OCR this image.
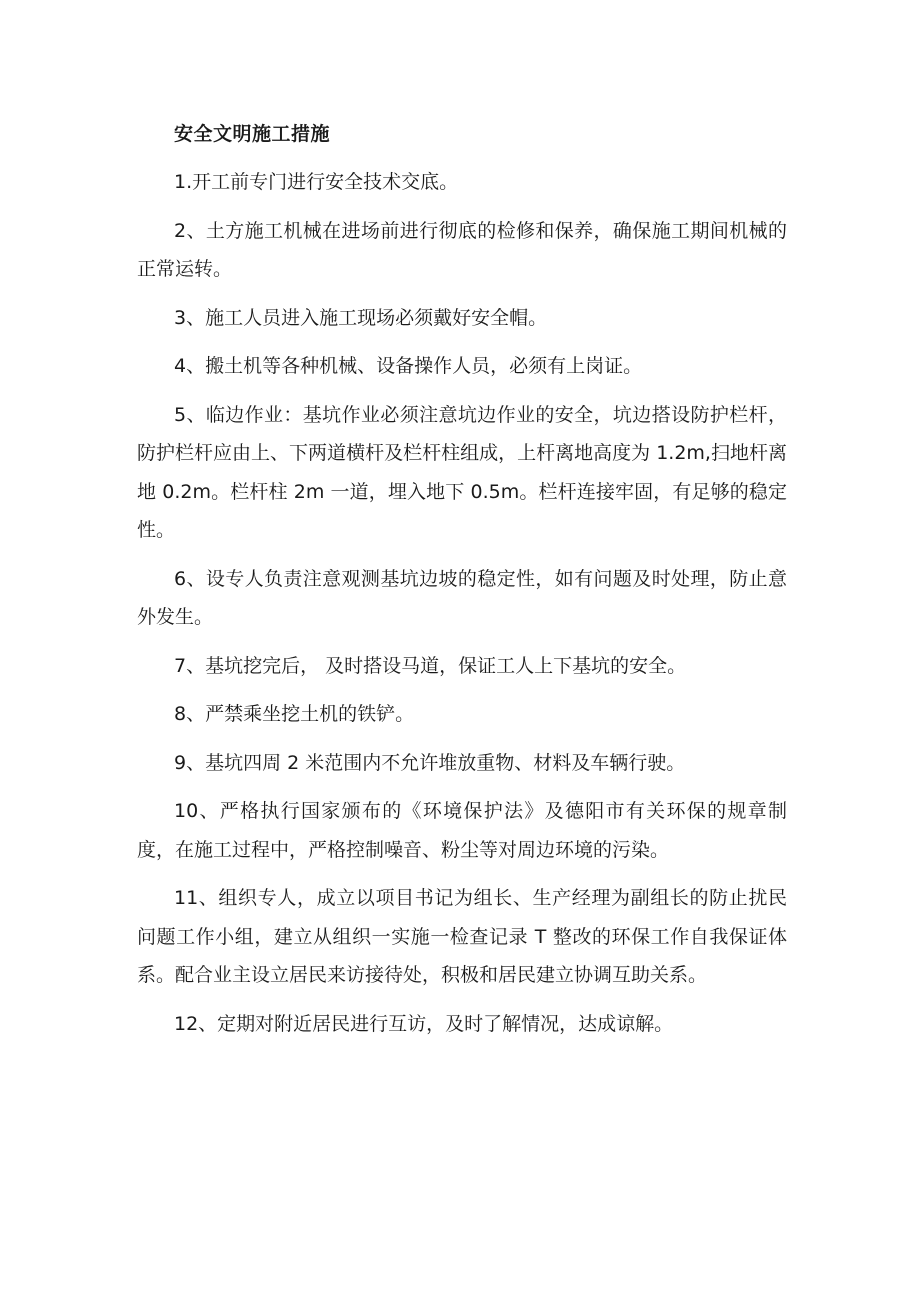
安全文明施工措施

1.开工前专门进行安全技术交底。

2、土方施工机械在进场前进行彻底的检修和保养，确保施工期间机械的正常运转。

3、施工人员进入施工现场必须戴好安全帽。

4、搬土机等各种机械、设备操作人员，必须有上岗证。

5、临边作业：基坑作业必须注意坑边作业的安全，坑边搭设防护栏杆，防护栏杆应由上、下两道横杆及栏杆柱组成，上杆离地高度为 1.2m,扫地杆离地 0.2m。栏杆柱 2m 一道，埋入地下 0.5m。栏杆连接牢固，有足够的稳定性。

6、设专人负责注意观测基坑边坡的稳定性，如有问题及时处理，防止意外发生。

7、基坑挖完后， 及时搭设马道，保证工人上下基坑的安全。

8、严禁乘坐挖土机的铁铲。

9、基坑四周 2 米范围内不允许堆放重物、材料及车辆行驶。

10、严格执行国家颁布的《环境保护法》及德阳市有关环保的规章制度，在施工过程中，严格控制噪音、粉尘等对周边环境的污染。

11、组织专人，成立以项目书记为组长、生产经理为副组长的防止扰民问题工作小组，建立从组织一实施一检查记录 T 整改的环保工作自我保证体系。配合业主设立居民来访接待处，积极和居民建立协调互助关系。

12、定期对附近居民进行互访，及时了解情况，达成谅解。
